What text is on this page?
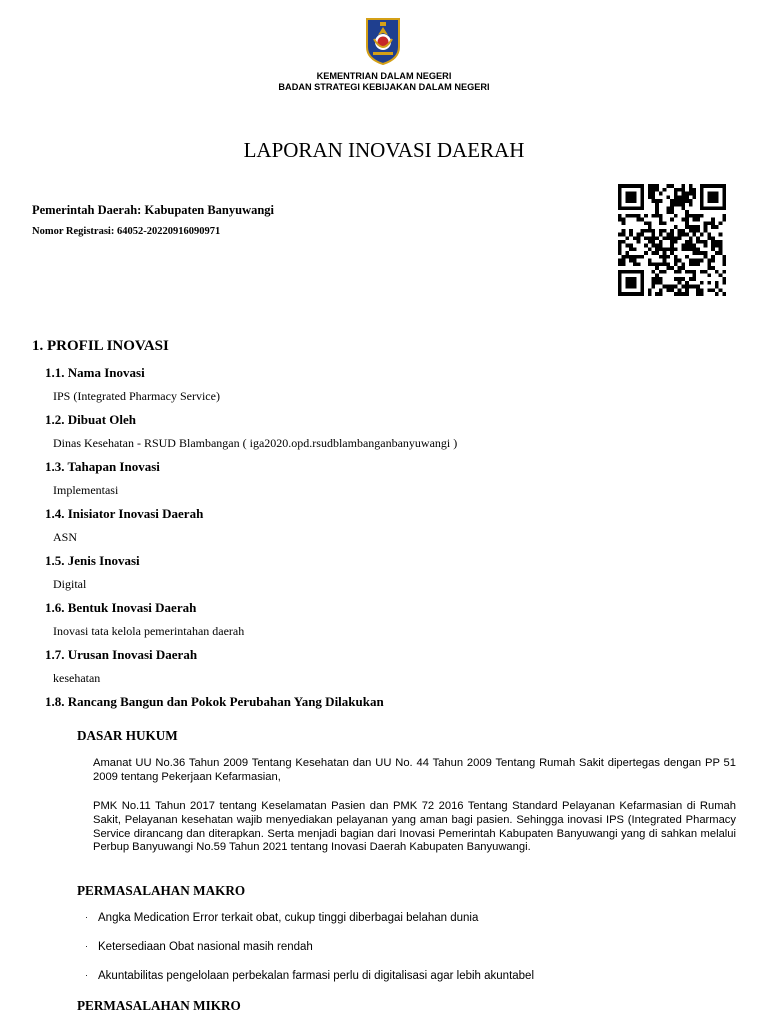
KEMENTRIAN DALAM NEGERI
BADAN STRATEGI KEBIJAKAN DALAM NEGERI
LAPORAN INOVASI DAERAH
Pemerintah Daerah: Kabupaten Banyuwangi
Nomor Registrasi: 64052-20220916090971
1. PROFIL INOVASI
1.1. Nama Inovasi
IPS (Integrated Pharmacy Service)
1.2. Dibuat Oleh
Dinas Kesehatan - RSUD Blambangan ( iga2020.opd.rsudblambanganbanyuwangi )
1.3. Tahapan Inovasi
Implementasi
1.4. Inisiator Inovasi Daerah
ASN
1.5. Jenis Inovasi
Digital
1.6. Bentuk Inovasi Daerah
Inovasi tata kelola pemerintahan daerah
1.7. Urusan Inovasi Daerah
kesehatan
1.8. Rancang Bangun dan Pokok Perubahan Yang Dilakukan
DASAR HUKUM

Amanat UU No.36 Tahun 2009 Tentang Kesehatan dan UU No. 44 Tahun 2009 Tentang Rumah Sakit dipertegas dengan PP 51 2009 tentang Pekerjaan Kefarmasian,

PMK No.11 Tahun 2017 tentang Keselamatan Pasien dan PMK 72 2016 Tentang Standard Pelayanan Kefarmasian di Rumah Sakit, Pelayanan kesehatan wajib menyediakan pelayanan yang aman bagi pasien. Sehingga inovasi IPS (Integrated Pharmacy Service dirancang dan diterapkan. Serta menjadi bagian dari Inovasi Pemerintah Kabupaten Banyuwangi yang di sahkan melalui Perbup Banyuwangi No.59 Tahun 2021 tentang Inovasi Daerah Kabupaten Banyuwangi.

PERMASALAHAN MAKRO
· Angka Medication Error terkait obat, cukup tinggi diberbagai belahan dunia
· Ketersediaan Obat nasional masih rendah
· Akuntabilitas pengelolaan perbekalan farmasi perlu di digitalisasi agar lebih akuntabel
PERMASALAHAN MIKRO
